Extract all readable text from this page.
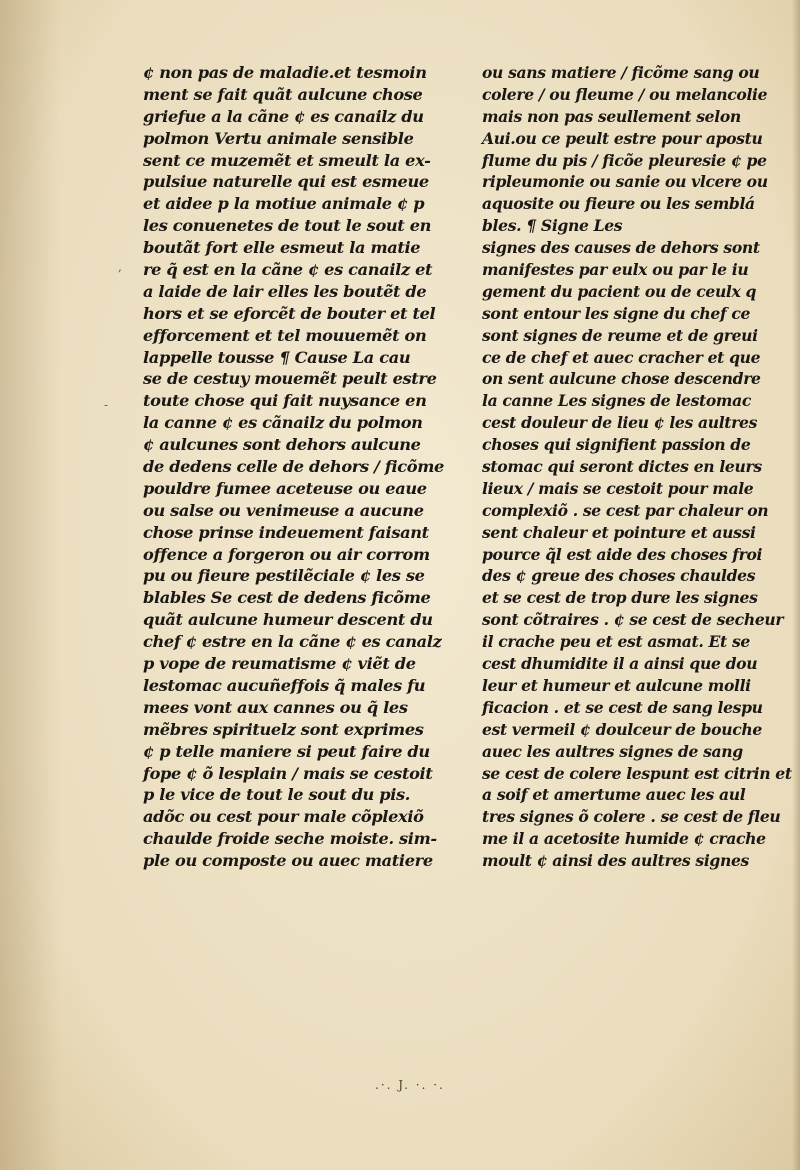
,
‑
¢ non pas de maladie.et tesmoin
ment se fait quãt aulcune chose
griefue a la cãne ¢ es canailz du
polmon Vertu animale sensible
sent ce muzemẽt et smeult la ex-
pulsiue naturelle qui est esmeue
et aidee p la motiue animale ¢ p
les conuenetes de tout le sout en
boutãt fort elle esmeut la matie
re q̃ est en la cãne ¢ es canailz et
a laide de lair elles les boutẽt de
hors et se eforcẽt de bouter et tel
efforcement et tel mouuemẽt on
lappelle tousse ¶ Cause La cau
se de cestuy mouemẽt peult estre
toute chose qui fait nuysance en
la canne ¢ es cãnailz du polmon
¢ aulcunes sont dehors aulcune
de dedens celle de dehors / ficõme
pouldre fumee aceteuse ou eaue
ou salse ou venimeuse a aucune
chose prinse indeuement faisant
offence a forgeron ou air corrom
pu ou fieure pestilẽciale ¢ les se
blables Se cest de dedens ficõme
quãt aulcune humeur descent du
chef ¢ estre en la cãne ¢ es canalz
p vope de reumatisme ¢ viẽt de
lestomac aucuñeffois q̃ males fu
mees vont aux cannes ou q̃ les
mẽbres spirituelz sont exprimes
¢ p telle maniere si peut faire du
fope ¢ õ lesplain / mais se cestoit
p le vice de tout le sout du pis.
adõc ou cest pour male cõplexiõ
chaulde froide seche moiste. sim-
ple ou composte ou auec matiere
ou sans matiere / ficõme sang ou
colere / ou fleume / ou melancolie
mais non pas seullement selon
Aui.ou ce peult estre pour apostu
flume du pis / ficõe pleuresie ¢ pe
ripleumonie ou sanie ou vlcere ou
aquosite ou fieure ou les semblá
bles. ¶ Signe Les
signes des causes de dehors sont
manifestes par eulx ou par le iu
gement du pacient ou de ceulx q
sont entour les signe du chef ce
sont signes de reume et de greui
ce de chef et auec cracher et que
on sent aulcune chose descendre
la canne Les signes de lestomac
cest douleur de lieu ¢ les aultres
choses qui signifient passion de
stomac qui seront dictes en leurs
lieux / mais se cestoit pour male
complexiõ . se cest par chaleur on
sent chaleur et pointure et aussi
pource q̃l est aide des choses froi
des ¢ greue des choses chauldes
et se cest de trop dure les signes
sont cõtraires . ¢ se cest de secheur
il crache peu et est asmat. Et se
cest dhumidite il a ainsi que dou
leur et humeur et aulcune molli
ficacion . et se cest de sang lespu
est vermeil ¢ doulceur de bouche
auec les aultres signes de sang
se cest de colere lespunt est citrin et
a soif et amertume auec les aul
tres signes õ colere . se cest de fleu
me il a acetosite humide ¢ crache
moult ¢ ainsi des aultres signes
.·. J. ·. ·.
